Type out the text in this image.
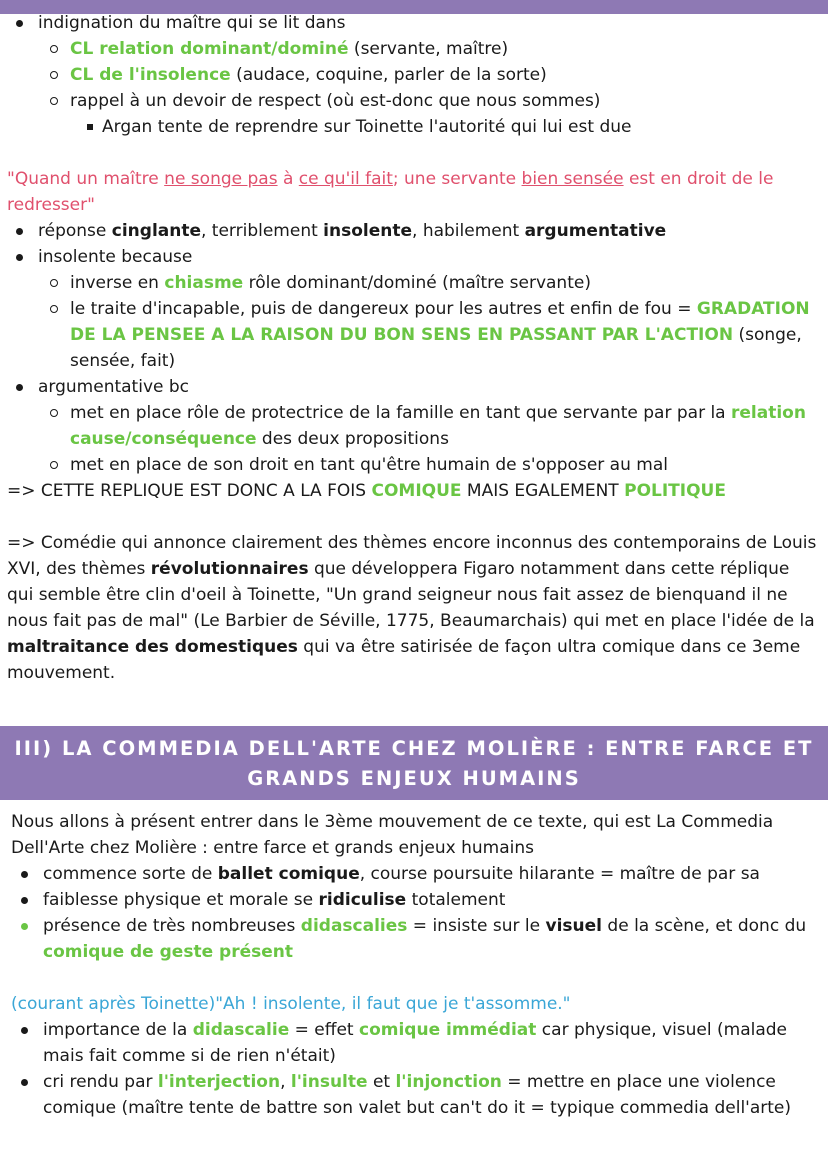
indignation du maître qui se lit dans
CL relation dominant/dominé (servante, maître)
CL de l'insolence (audace, coquine, parler de la sorte)
rappel à un devoir de respect (où est-donc que nous sommes)
Argan tente de reprendre sur Toinette l'autorité qui lui est due
"Quand un maître ne songe pas à ce qu'il fait; une servante bien sensée est en droit de le redresser"
réponse cinglante, terriblement insolente, habilement argumentative
insolente because
inverse en chiasme rôle dominant/dominé (maître servante)
le traite d'incapable, puis de dangereux pour les autres et enfin de fou = GRADATION DE LA PENSEE A LA RAISON DU BON SENS EN PASSANT PAR L'ACTION (songe, sensée, fait)
argumentative bc
met en place rôle de protectrice de la famille en tant que servante par par la relation cause/conséquence des deux propositions
met en place de son droit en tant qu'être humain de s'opposer au mal
=> CETTE REPLIQUE EST DONC A LA FOIS COMIQUE MAIS EGALEMENT POLITIQUE
=> Comédie qui annonce clairement des thèmes encore inconnus des contemporains de Louis XVI, des thèmes révolutionnaires que développera Figaro notamment dans cette réplique qui semble être clin d'oeil à Toinette, "Un grand seigneur nous fait assez de bienquand il ne nous fait pas de mal" (Le Barbier de Séville, 1775, Beaumarchais) qui met en place l'idée de la maltraitance des domestiques qui va être satirisée de façon ultra comique dans ce 3eme mouvement.
III) LA COMMEDIA DELL'ARTE CHEZ MOLIÈRE : ENTRE FARCE ET
GRANDS ENJEUX HUMAINS
Nous allons à présent entrer dans le 3ème mouvement de ce texte, qui est La Commedia Dell'Arte chez Molière : entre farce et grands enjeux humains
commence sorte de ballet comique, course poursuite hilarante = maître de par sa
faiblesse physique et morale se ridiculise totalement
présence de très nombreuses didascalies = insiste sur le visuel de la scène, et donc du comique de geste présent
(courant après Toinette)"Ah ! insolente, il faut que je t'assomme."
importance de la didascalie = effet comique immédiat car physique, visuel (malade mais fait comme si de rien n'était)
cri rendu par l'interjection, l'insulte et l'injonction = mettre en place une violence comique (maître tente de battre son valet but can't do it = typique commedia dell'arte)
